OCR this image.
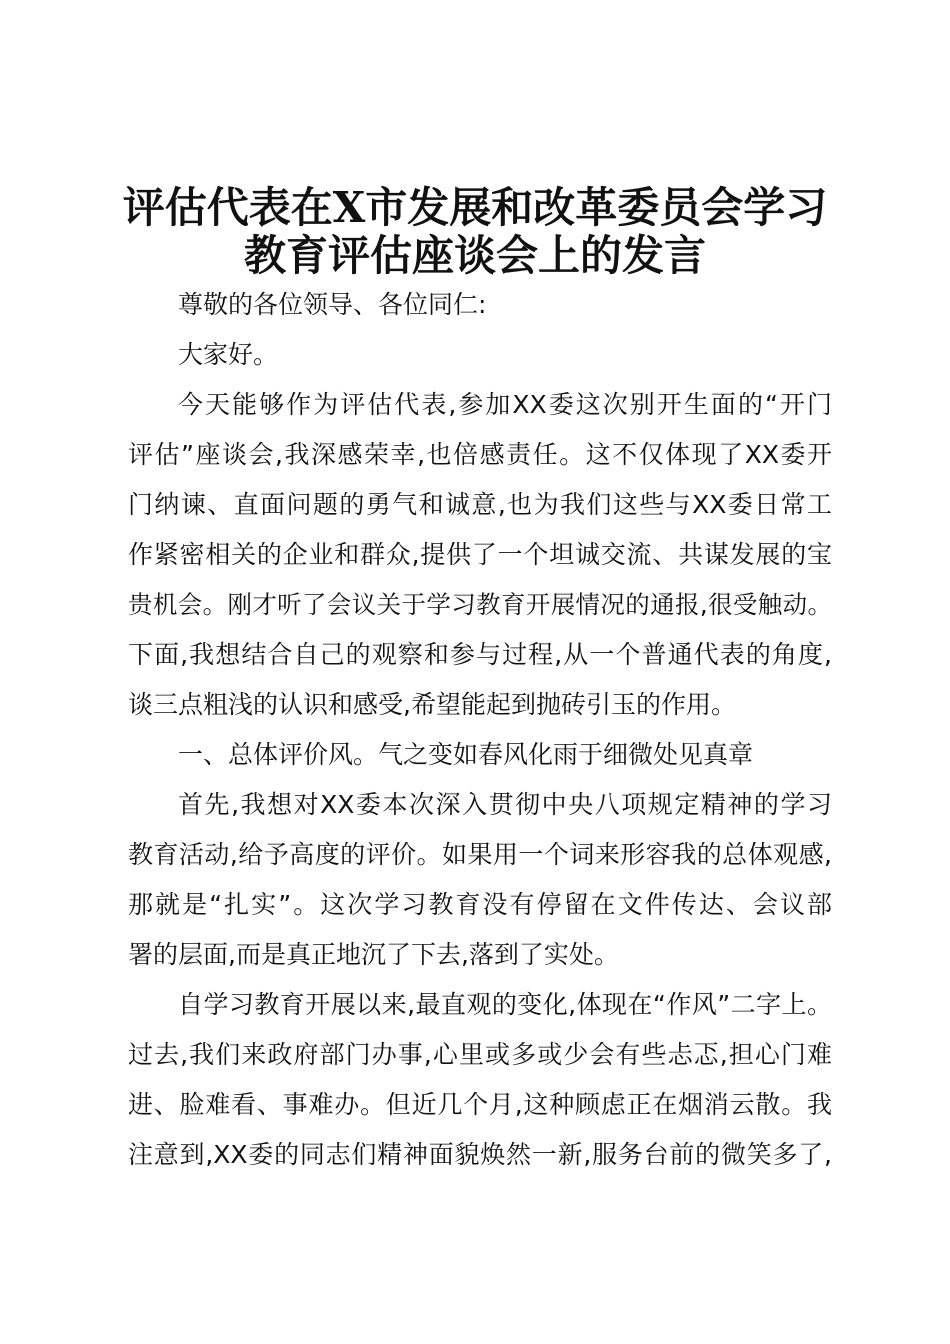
评估代表在X市发展和改革委员会学习
教育评估座谈会上的发言

尊敬的各位领导、各位同仁:

大家好。

今天能够作为评估代表,参加XX委这次别开生面的“开门

评估”座谈会,我深感荣幸,也倍感责任。这不仅体现了XX委开

门纳谏、直面问题的勇气和诚意,也为我们这些与XX委日常工

作紧密相关的企业和群众,提供了一个坦诚交流、共谋发展的宝

贵机会。刚才听了会议关于学习教育开展情况的通报,很受触动。

下面,我想结合自己的观察和参与过程,从一个普通代表的角度,

谈三点粗浅的认识和感受,希望能起到抛砖引玉的作用。

一、总体评价风。气之变如春风化雨于细微处见真章

首先,我想对XX委本次深入贯彻中央八项规定精神的学习

教育活动,给予高度的评价。如果用一个词来形容我的总体观感,

那就是“扎实”。这次学习教育没有停留在文件传达、会议部

署的层面,而是真正地沉了下去,落到了实处。

自学习教育开展以来,最直观的变化,体现在“作风”二字上。

过去,我们来政府部门办事,心里或多或少会有些忐忑,担心门难

进、脸难看、事难办。但近几个月,这种顾虑正在烟消云散。我

注意到,XX委的同志们精神面貌焕然一新,服务台前的微笑多了,
